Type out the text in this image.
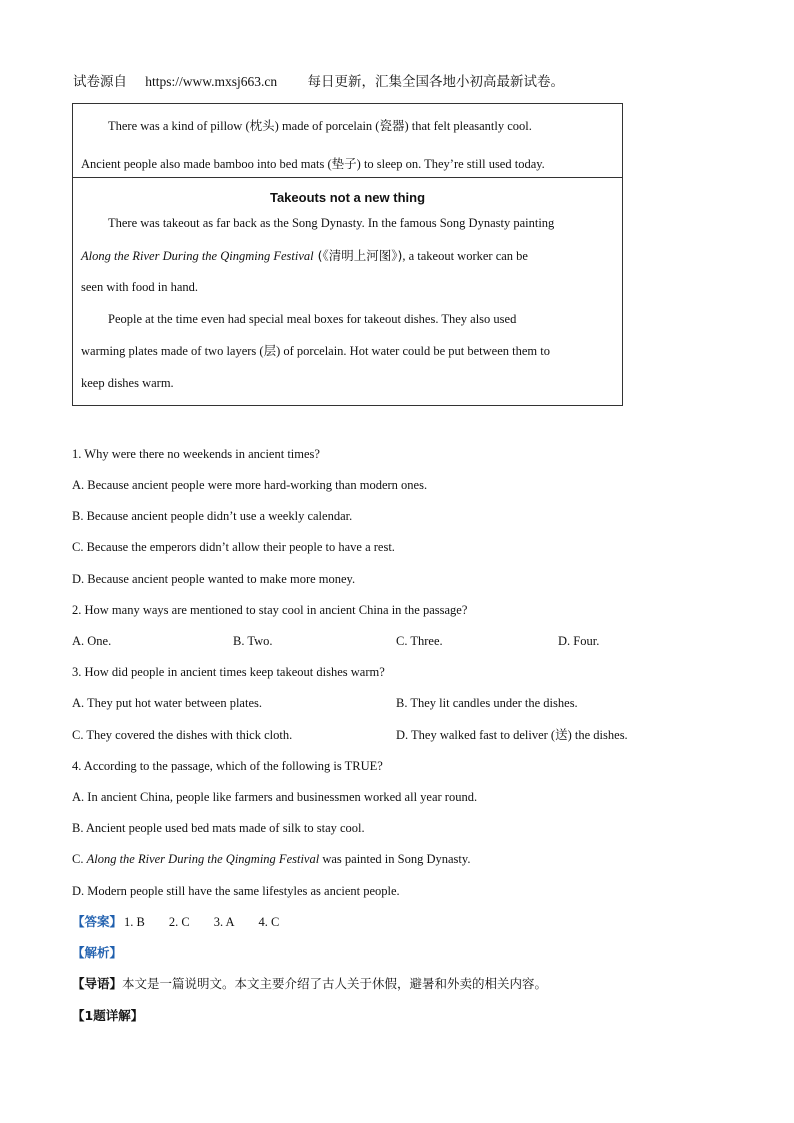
试卷源自 https://www.mxsj663.cn 每日更新，汇集全国各地小初高最新试卷。

There was a kind of pillow (枕头) made of porcelain (瓷器) that felt pleasantly cool.

Ancient people also made bamboo into bed mats (垫子) to sleep on. They’re still used today.

Takeouts not a new thing

There was takeout as far back as the Song Dynasty. In the famous Song Dynasty painting

Along the River During the Qingming Festival (《清明上河图》), a takeout worker can be

seen with food in hand.

People at the time even had special meal boxes for takeout dishes. They also used

warming plates made of two layers (层) of porcelain. Hot water could be put between them to

keep dishes warm.

1. Why were there no weekends in ancient times?
A. Because ancient people were more hard-working than modern ones.
B. Because ancient people didn’t use a weekly calendar.
C. Because the emperors didn’t allow their people to have a rest.
D. Because ancient people wanted to make more money.
2. How many ways are mentioned to stay cool in ancient China in the passage?
A. One.	B. Two.	C. Three.	D. Four.
3. How did people in ancient times keep takeout dishes warm?
A. They put hot water between plates.	B. They lit candles under the dishes.
C. They covered the dishes with thick cloth.	D. They walked fast to deliver (送) the dishes.
4. According to the passage, which of the following is TRUE?
A. In ancient China, people like farmers and businessmen worked all year round.
B. Ancient people used bed mats made of silk to stay cool.
C. Along the River During the Qingming Festival was painted in Song Dynasty.
D. Modern people still have the same lifestyles as ancient people.
【答案】 1. B 2. C 3. A 4. C
【解析】
【导语】本文是一篇说明文。本文主要介绍了古人关于休假，避暑和外卖的相关内容。
【1题详解】
